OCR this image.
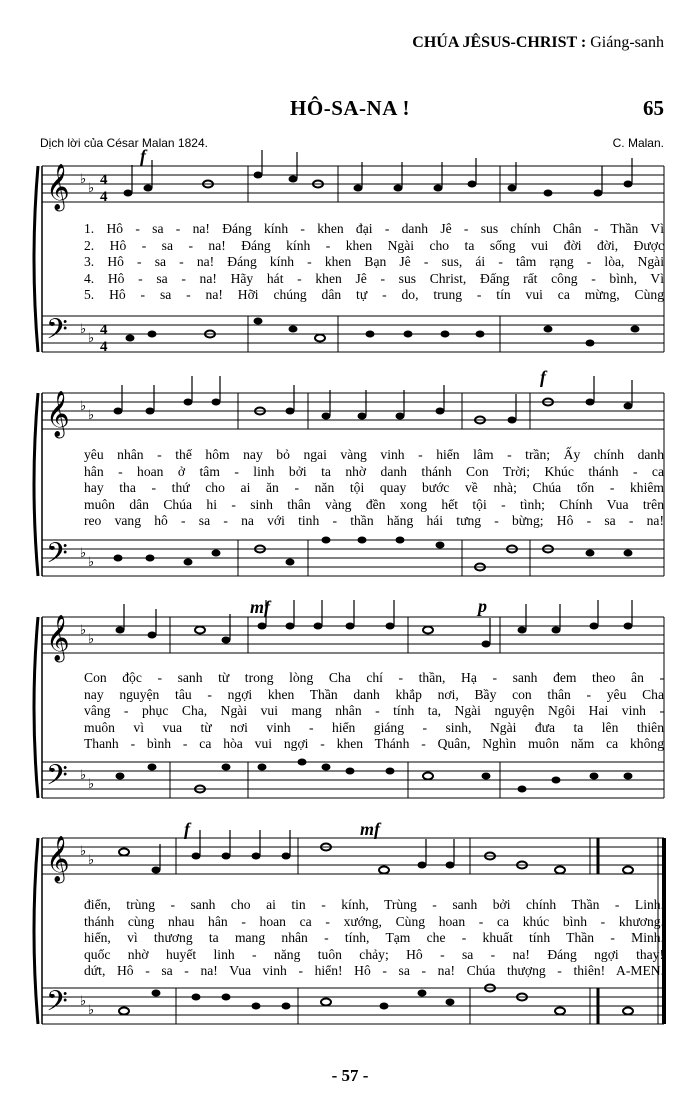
CHÚA JÊSUS-CHRIST : Giáng-sanh
HÔ-SA-NA !	65
Dịch lời của César Malan 1824.	C. Malan.
𝄞
𝄢
♭
♭
♭
♭
4
4
4
4
f
1. Hô - sa - na! Đáng kính - khen đại - danh Jê - sus chính Chân - Thần Vì
2. Hô - sa - na! Đáng kính - khen Ngài cho ta sống vui đời đời, Được
3. Hô - sa - na! Đáng kính - khen Bạn Jê - sus, ái - tâm rạng - lòa, Ngài
4. Hô - sa - na! Hãy hát - khen Jê - sus Christ, Đấng rất công - bình, Vì
5. Hô - sa - na! Hỡi chúng dân tự - do, trung - tín vui ca mừng, Cùng
𝄞
𝄢
♭
♭
♭
♭
f
yêu nhân - thế hôm nay bỏ ngai vàng vinh - hiển lâm - trần; Ấy chính danh
hân - hoan ở tâm - linh bởi ta nhờ danh thánh Con Trời; Khúc thánh - ca
hay tha - thứ cho ai ăn - năn tội quay bước về nhà; Chúa tốn - khiêm
muôn dân Chúa hi - sinh thân vàng đền xong hết tội - tình; Chính Vua trên
reo vang hô - sa - na với tinh - thần hăng hái tưng - bừng; Hô - sa - na!
𝄞
𝄢
♭
♭
♭
♭
mf	p
Con độc - sanh từ trong lòng Cha chí - thần, Hạ - sanh đem theo ân -
nay nguyện tâu - ngợi khen Thần danh khắp nơi, Bầy con thân - yêu Cha
vâng - phục Cha, Ngài vui mang nhân - tính ta, Ngài nguyện Ngôi Hai vinh -
muôn vì vua từ nơi vinh - hiển giáng - sinh, Ngài đưa ta lên thiên
Thanh - bình - ca hòa vui ngợi - khen Thánh - Quân, Nghìn muôn năm ca không
𝄞
𝄢
♭
♭
♭
♭
f	mf
điển, trùng - sanh cho ai tin - kính, Trùng - sanh bởi chính Thần - Linh.
thánh cùng nhau hân - hoan ca - xướng, Cùng hoan - ca khúc bình - khương.
hiển, vì thương ta mang nhân - tính, Tạm che - khuất tính Thần - Minh.
quốc nhờ huyết linh - năng tuôn chảy; Hô - sa - na! Đáng ngợi thay!
dứt, Hô - sa - na! Vua vinh - hiển! Hô - sa - na! Chúa thượng - thiên! A-MEN.
- 57 -
